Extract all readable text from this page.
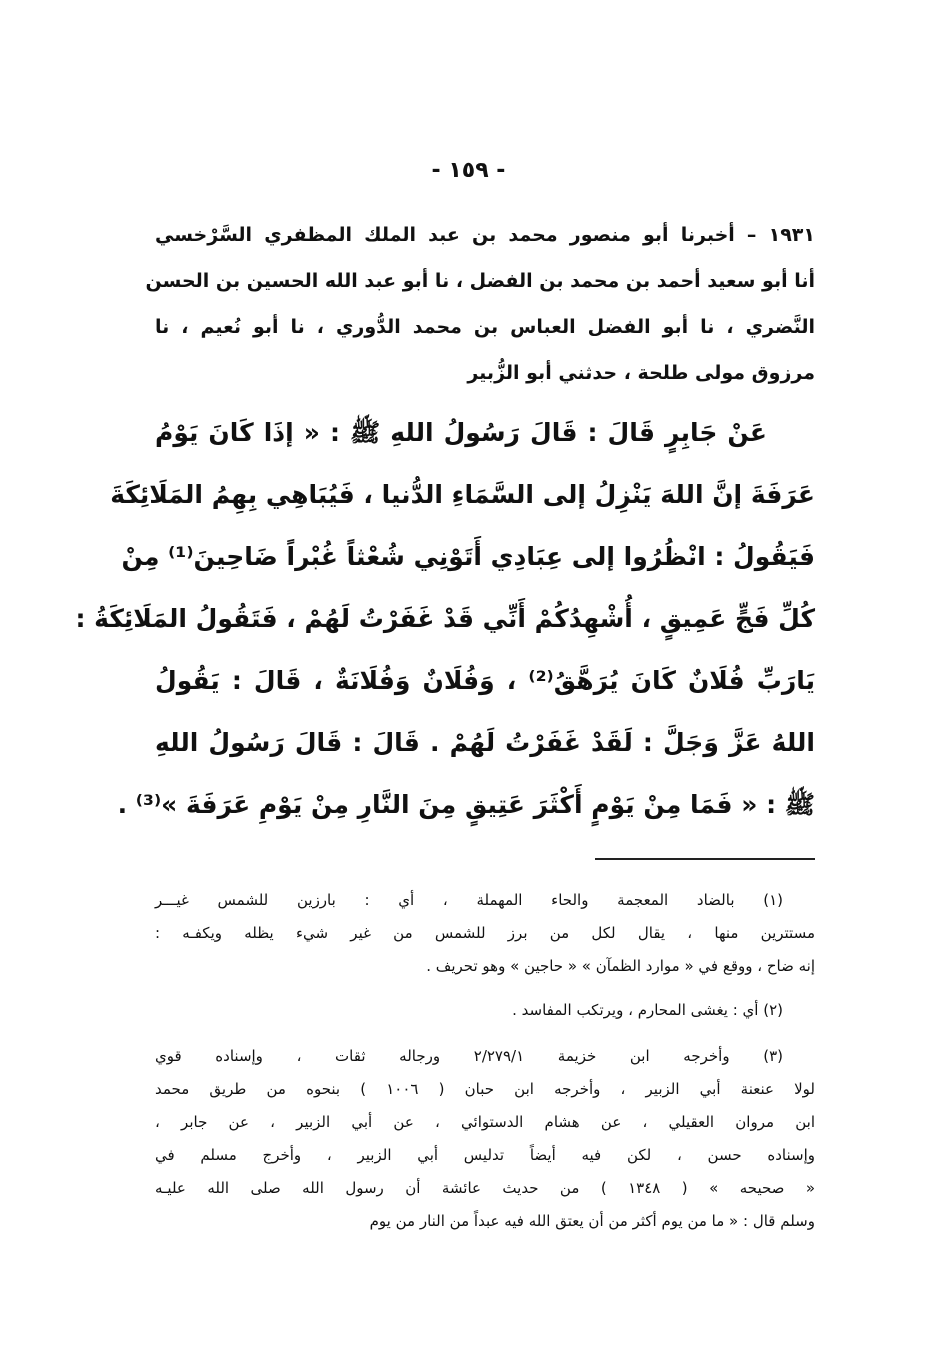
- ١٥٩ -
١٩٣١ – أخبرنا أبو منصور محمد بن عبد الملك المظفري السَّرْخسي
أنا أبو سعيد أحمد بن محمد بن الفضل ، نا أبو عبد الله الحسين بن الحسن
النَّضري ، نا أبو الفضل العباس بن محمد الدُّوري ، نا أبو نُعيم ، نا
مرزوق مولى طلحة ، حدثني أبو الزُّبير
عَنْ جَابِرٍ قَالَ : قَالَ رَسُولُ اللهِ ﷺ : « إذَا كَانَ يَوْمُ
عَرَفَةَ إنَّ اللهَ يَنْزِلُ إلى السَّمَاءِ الدُّنيا ، فَيُبَاهِي بِهِمُ المَلَائِكَةَ
فَيَقُولُ : انْظُرُوا إلى عِبَادِي أَتَوْنِي شُعْثاً غُبْراً ضَاحِينَ⁽¹⁾ مِنْ
كُلِّ فَجٍّ عَمِيقٍ ، أُشْهِدُكُمْ أَنِّي قَدْ غَفَرْتُ لَهُمْ ، فَتَقُولُ المَلَائِكَةُ :
يَارَبِّ فُلَانٌ كَانَ يُرَهَّقُ⁽²⁾ ، وَفُلَانٌ وَفُلَانَةٌ ، قَالَ : يَقُولُ
اللهُ عَزَّ وَجَلَّ : لَقَدْ غَفَرْتُ لَهُمْ . قَالَ : قَالَ رَسُولُ اللهِ
ﷺ : « فَمَا مِنْ يَوْمٍ أَكْثَرَ عَتِيقٍ مِنَ النَّارِ مِنْ يَوْمِ عَرَفَةَ »⁽³⁾ .
(١) بالضاد المعجمة والحاء المهملة ، أي : بارزين للشمس غيـــر
مستترين منها ، يقال لكل من برز للشمس من غير شيء يظله ويكفـه :
إنه ضاح ، ووقع في « موارد الظمآن » « حاجين » وهو تحريف .
(٢) أي : يغشى المحارم ، ويرتكب المفاسد .
(٣) وأخرجه ابن خزيمة ٢/٢٧٩/١ ورجاله ثقات ، وإسناده قوي
لولا عنعنة أبي الزبير ، وأخرجه ابن حبان ( ١٠٠٦ ) بنحوه من طريق محمد
ابن مروان العقيلي ، عن هشام الدستوائي ، عن أبي الزبير ، عن جابر ،
وإسناده حسن ، لكن فيه أيضاً تدليس أبي الزبير ، وأخرج مسلم في
« صحيحه » ( ١٣٤٨ ) من حديث عائشة أن رسول الله صلى الله عليـه
وسلم قال : « ما من يوم أكثر من أن يعتق الله فيه عبداً من النار من يوم
